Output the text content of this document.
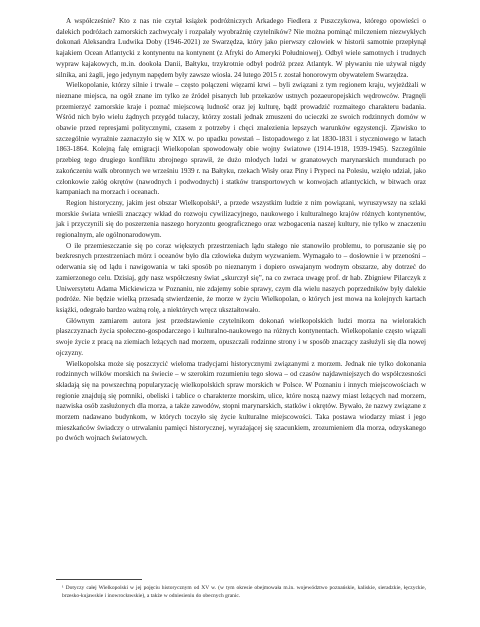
A współcześnie? Kto z nas nie czytał książek podróżniczych Arkadego Fiedlera z Puszczykowa, którego opowieści o dalekich podróżach zamorskich zachwycały i rozpalały wyobraźnię czytelników? Nie można pominąć milczeniem niezwykłych dokonań Aleksandra Ludwika Doby (1946-2021) ze Swarzędza, który jako pierwszy człowiek w historii samotnie przepłynął kajakiem Ocean Atlantycki z kontynentu na kontynent (z Afryki do Ameryki Południowej). Odbył wiele samotnych i trudnych wypraw kajakowych, m.in. dookoła Danii, Bałtyku, trzykrotnie odbył podróż przez Atlantyk. W pływaniu nie używał nigdy silnika, ani żagli, jego jedynym napędem były zawsze wiosła. 24 lutego 2015 r. został honorowym obywatelem Swarzędza.

Wielkopolanie, którzy silnie i trwale – często połączeni więzami krwi – byli związani z tym regionem kraju, wyjeżdżali w nieznane miejsca, na ogół znane im tylko ze źródeł pisanych lub przekazów ustnych pozaeuropejskich wędrowców. Pragnęli przemierzyć zamorskie kraje i poznać miejscową ludność oraz jej kulturę, bądź prowadzić rozmaitego charakteru badania. Wśród nich było wielu żądnych przygód tułaczy, którzy zostali jednak zmuszeni do ucieczki ze swoich rodzinnych domów w obawie przed represjami politycznymi, czasem z potrzeby i chęci znalezienia lepszych warunków egzystencji. Zjawisko to szczególnie wyraźnie zaznaczyło się w XIX w. po upadku powstań – listopadowego z lat 1830-1831 i styczniowego w latach 1863-1864. Kolejną falę emigracji Wielkopolan spowodowały obie wojny światowe (1914-1918, 1939-1945). Szczególnie przebieg tego drugiego konfliktu zbrojnego sprawił, że dużo młodych ludzi w granatowych marynarskich mundurach po zakończeniu walk obronnych we wrześniu 1939 r. na Bałtyku, rzekach Wisły oraz Piny i Prypeci na Polesiu, wzięło udział, jako członkowie załóg okrętów (nawodnych i podwodnych) i statków transportowych w konwojach atlantyckich, w bitwach oraz kampaniach na morzach i oceanach.

Region historyczny, jakim jest obszar Wielkopolski¹, a przede wszystkim ludzie z nim powiązani, wyruszywszy na szlaki morskie świata wnieśli znaczący wkład do rozwoju cywilizacyjnego, naukowego i kulturalnego krajów różnych kontynentów, jak i przyczynili się do poszerzenia naszego horyzontu geograficznego oraz wzbogacenia naszej kultury, nie tylko w znaczeniu regionalnym, ale ogólnonarodowym.

O ile przemieszczanie się po coraz większych przestrzeniach lądu stałego nie stanowiło problemu, to poruszanie się po bezkresnych przestrzeniach mórz i oceanów było dla człowieka dużym wyzwaniem. Wymagało to – dosłownie i w przenośni – oderwania się od lądu i nawigowania w taki sposób po nieznanym i dopiero oswajanym wodnym obszarze, aby dotrzeć do zamierzonego celu. Dzisiaj, gdy nasz współczesny świat „skurczył się”, na co zwraca uwagę prof. dr hab. Zbigniew Pilarczyk z Uniwersytetu Adama Mickiewicza w Poznaniu, nie zdajemy sobie sprawy, czym dla wielu naszych poprzedników były dalekie podróże. Nie będzie wielką przesadą stwierdzenie, że morze w życiu Wielkopolan, o których jest mowa na kolejnych kartach książki, odegrało bardzo ważną rolę, a niektórych wręcz ukształtowało.

Głównym zamiarem autora jest przedstawienie czytelnikom dokonań wielkopolskich ludzi morza na wielorakich płaszczyznach życia społeczno-gospodarczego i kulturalno-naukowego na różnych kontynentach. Wielkopolanie często wiązali swoje życie z pracą na ziemiach leżących nad morzem, opuszczali rodzinne strony i w sposób znaczący zasłużyli się dla nowej ojczyzny.

Wielkopolska może się poszczycić wieloma tradycjami historycznymi związanymi z morzem. Jednak nie tylko dokonania rodzinnych wilków morskich na świecie – w szerokim rozumieniu tego słowa – od czasów najdawniejszych do współczesności składają się na powszechną popularyzację wielkopolskich spraw morskich w Polsce. W Poznaniu i innych miejscowościach w regionie znajdują się pomniki, obeliski i tablice o charakterze morskim, ulice, które noszą nazwy miast leżących nad morzem, nazwiska osób zasłużonych dla morza, a także zawodów, stopni marynarskich, statków i okrętów. Bywało, że nazwy związane z morzem nadawano budynkom, w których toczyło się życie kulturalne miejscowości. Taka postawa wiodarzy miast i jego mieszkańców świadczy o utrwalaniu pamięci historycznej, wyrażającej się szacunkiem, zrozumieniem dla morza, odzyskanego po dwóch wojnach światowych.

¹ Dotyczy całej Wielkopolski w jej pojęciu historycznym od XV w. (w tym okresie obejmowała m.in. województwo poznańskie, kaliskie, sieradzkie, łęczyckie, brzesko-kujawskie i inowrocławskie), a także w odniesieniu do obecnych granic.
